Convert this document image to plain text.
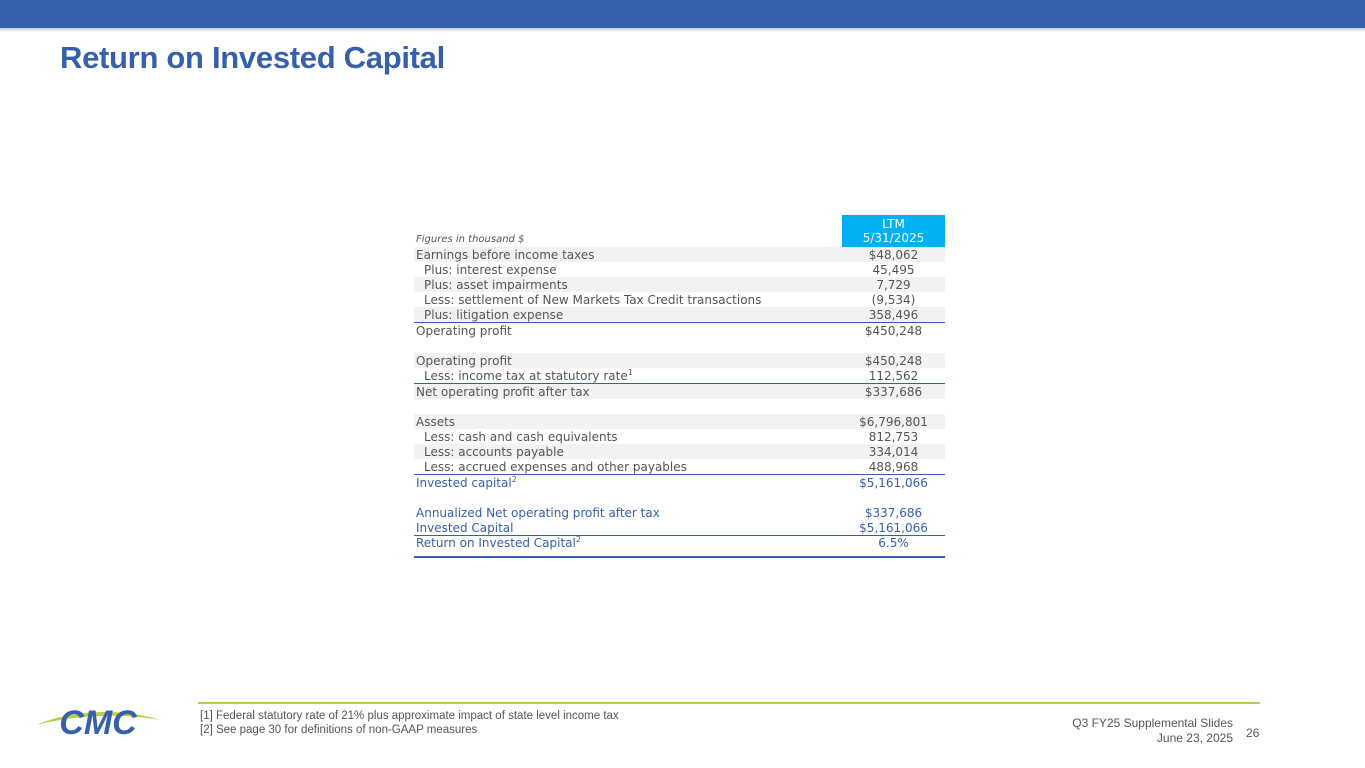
Return on Invested Capital
Figures in thousand $	LTM
5/31/2025

Earnings before income taxes	$48,062
Plus: interest expense	45,495
Plus: asset impairments	7,729
Less: settlement of New Markets Tax Credit transactions	(9,534)
Plus: litigation expense	358,496
Operating profit	$450,248

Operating profit	$450,248
Less: income tax at statutory rate$^1$	112,562
Net operating profit after tax	$337,686

Assets	$6,796,801
Less: cash and cash equivalents	812,753
Less: accounts payable	334,014
Less: accrued expenses and other payables	488,968
Invested capital$^2$	$5,161,066

Annualized Net operating profit after tax	$337,686
Invested Capital	$5,161,066
Return on Invested Capital$^2$	6.5%
CMC	[1] Federal statutory rate of 21% plus approximate impact of state level income tax
[2] See page 30 for definitions of non-GAAP measures	Q3 FY25 Supplemental Slides
June 23, 2025 26
